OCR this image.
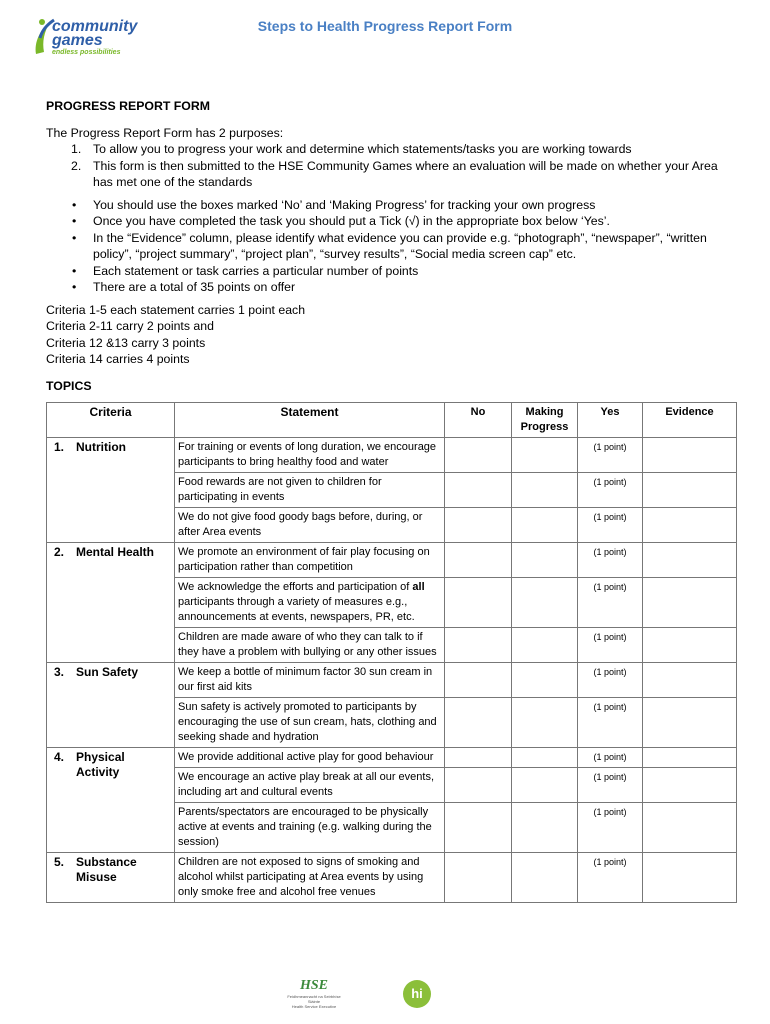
community
games
endless possibilities
Steps to Health Progress Report Form
PROGRESS REPORT FORM
The Progress Report Form has 2 purposes:
1. To allow you to progress your work and determine which statements/tasks you are working towards
2. This form is then submitted to the HSE Community Games where an evaluation will be made on whether your Area has met one of the standards
• You should use the boxes marked ‘No’ and ‘Making Progress’ for tracking your own progress
• Once you have completed the task you should put a Tick (√) in the appropriate box below ‘Yes’.
• In the “Evidence” column, please identify what evidence you can provide e.g. “photograph”, “newspaper”, “written policy”, “project summary”, “project plan”, “survey results”, “Social media screen cap” etc.
• Each statement or task carries a particular number of points
• There are a total of 35 points on offer

Criteria 1-5 each statement carries 1 point each

Criteria 2-11 carry 2 points and

Criteria 12 &13 carry 3 points

Criteria 14 carries 4 points

TOPICS
Criteria	Statement	No	Making Progress	Yes	Evidence
1. Nutrition	For training or events of long duration, we encourage participants to bring healthy food and water			(1 point)	
	Food rewards are not given to children for participating in events			(1 point)	
	We do not give food goody bags before, during, or after Area events			(1 point)	
2. Mental Health	We promote an environment of fair play focusing on participation rather than competition			(1 point)	
	We acknowledge the efforts and participation of all participants through a variety of measures e.g., announcements at events, newspapers, PR, etc.			(1 point)	
	Children are made aware of who they can talk to if they have a problem with bullying or any other issues			(1 point)	
3. Sun Safety	We keep a bottle of minimum factor 30 sun cream in our first aid kits			(1 point)	
	Sun safety is actively promoted to participants by encouraging the use of sun cream, hats, clothing and seeking shade and hydration			(1 point)	

4. Physical Activity	We provide additional active play for good behaviour			(1 point)	
	We encourage an active play break at all our events, including art and cultural events			(1 point)	
	Parents/spectators are encouraged to be physically active at events and training (e.g. walking during the session)			(1 point)	

5. Substance Misuse	Children are not exposed to signs of smoking and alcohol whilst participating at Area events by using only smoke free and alcohol free venues			(1 point)	
HSE
Feidhmeannacht na Seirbhíse Sláinte
Health Service Executive
hi
